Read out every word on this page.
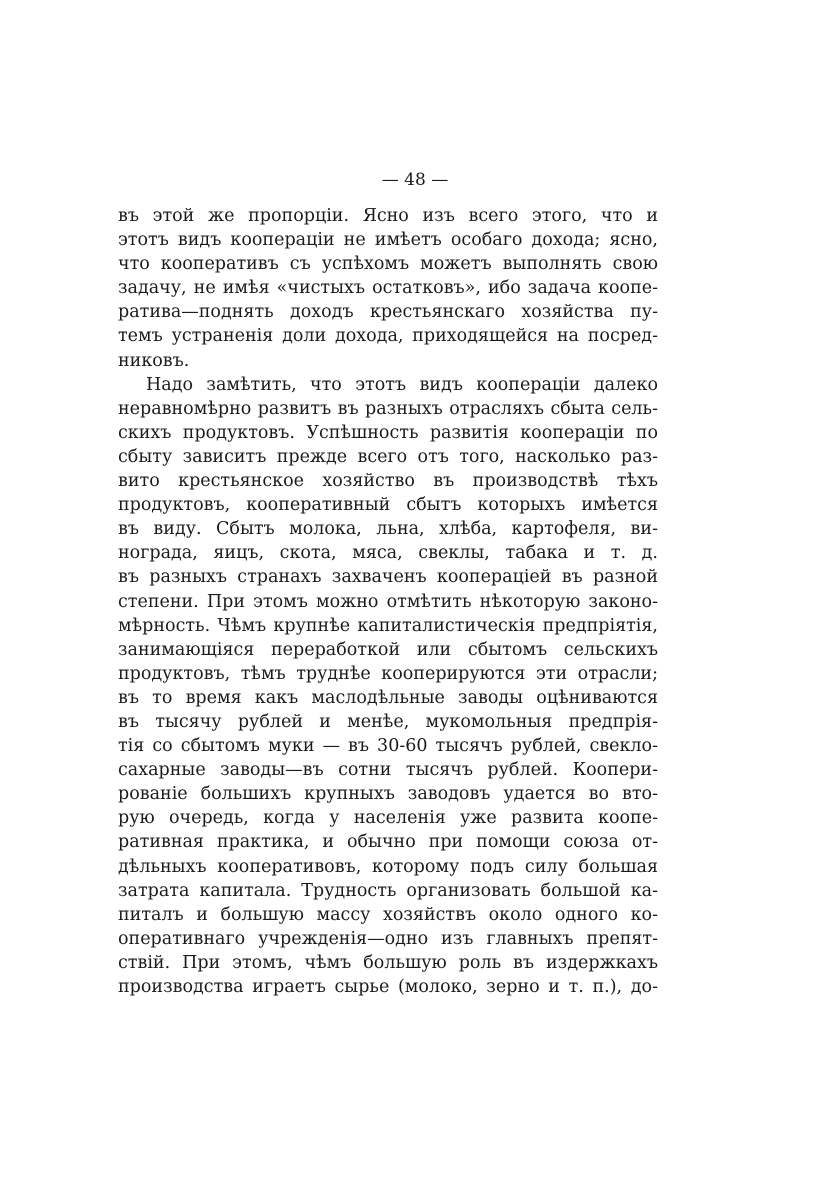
— 48 —
въ этой же пропорціи. Ясно изъ всего этого, что и
этотъ видъ коопераціи не имѣетъ особаго дохода; ясно,
что кооперативъ съ успѣхомъ можетъ выполнять свою
задачу, не имѣя «чистыхъ остатковъ», ибо задача коопе-
ратива—поднять доходъ крестьянскаго хозяйства пу-
темъ устраненія доли дохода, приходящейся на посред-
никовъ.
Надо замѣтить, что этотъ видъ коопераціи далеко
неравномѣрно развитъ въ разныхъ отрасляхъ сбыта сель-
скихъ продуктовъ. Успѣшность развитія коопераціи по
сбыту зависитъ прежде всего отъ того, насколько раз-
вито крестьянское хозяйство въ производствѣ тѣхъ
продуктовъ, кооперативный сбытъ которыхъ имѣется
въ виду. Сбытъ молока, льна, хлѣба, картофеля, ви-
нограда, яицъ, скота, мяса, свеклы, табака и т. д.
въ разныхъ странахъ захваченъ коопераціей въ разной
степени. При этомъ можно отмѣтить нѣкоторую законо-
мѣрность. Чѣмъ крупнѣе капиталистическія предпріятія,
занимающіяся переработкой или сбытомъ сельскихъ
продуктовъ, тѣмъ труднѣе кооперируются эти отрасли;
въ то время какъ маслодѣльные заводы оцѣниваются
въ тысячу рублей и менѣе, мукомольныя предпрія-
тія со сбытомъ муки — въ 30-60 тысячъ рублей, свекло-
сахарные заводы—въ сотни тысячъ рублей. Коопери-
рованіе большихъ крупныхъ заводовъ удается во вто-
рую очередь, когда у населенія уже развита коопе-
ративная практика, и обычно при помощи союза от-
дѣльныхъ кооперативовъ, которому подъ силу большая
затрата капитала. Трудность организовать большой ка-
питалъ и большую массу хозяйствъ около одного ко-
оперативнаго учрежденія—одно изъ главныхъ препят-
ствій. При этомъ, чѣмъ большую роль въ издержкахъ
производства играетъ сырье (молоко, зерно и т. п.), до-
